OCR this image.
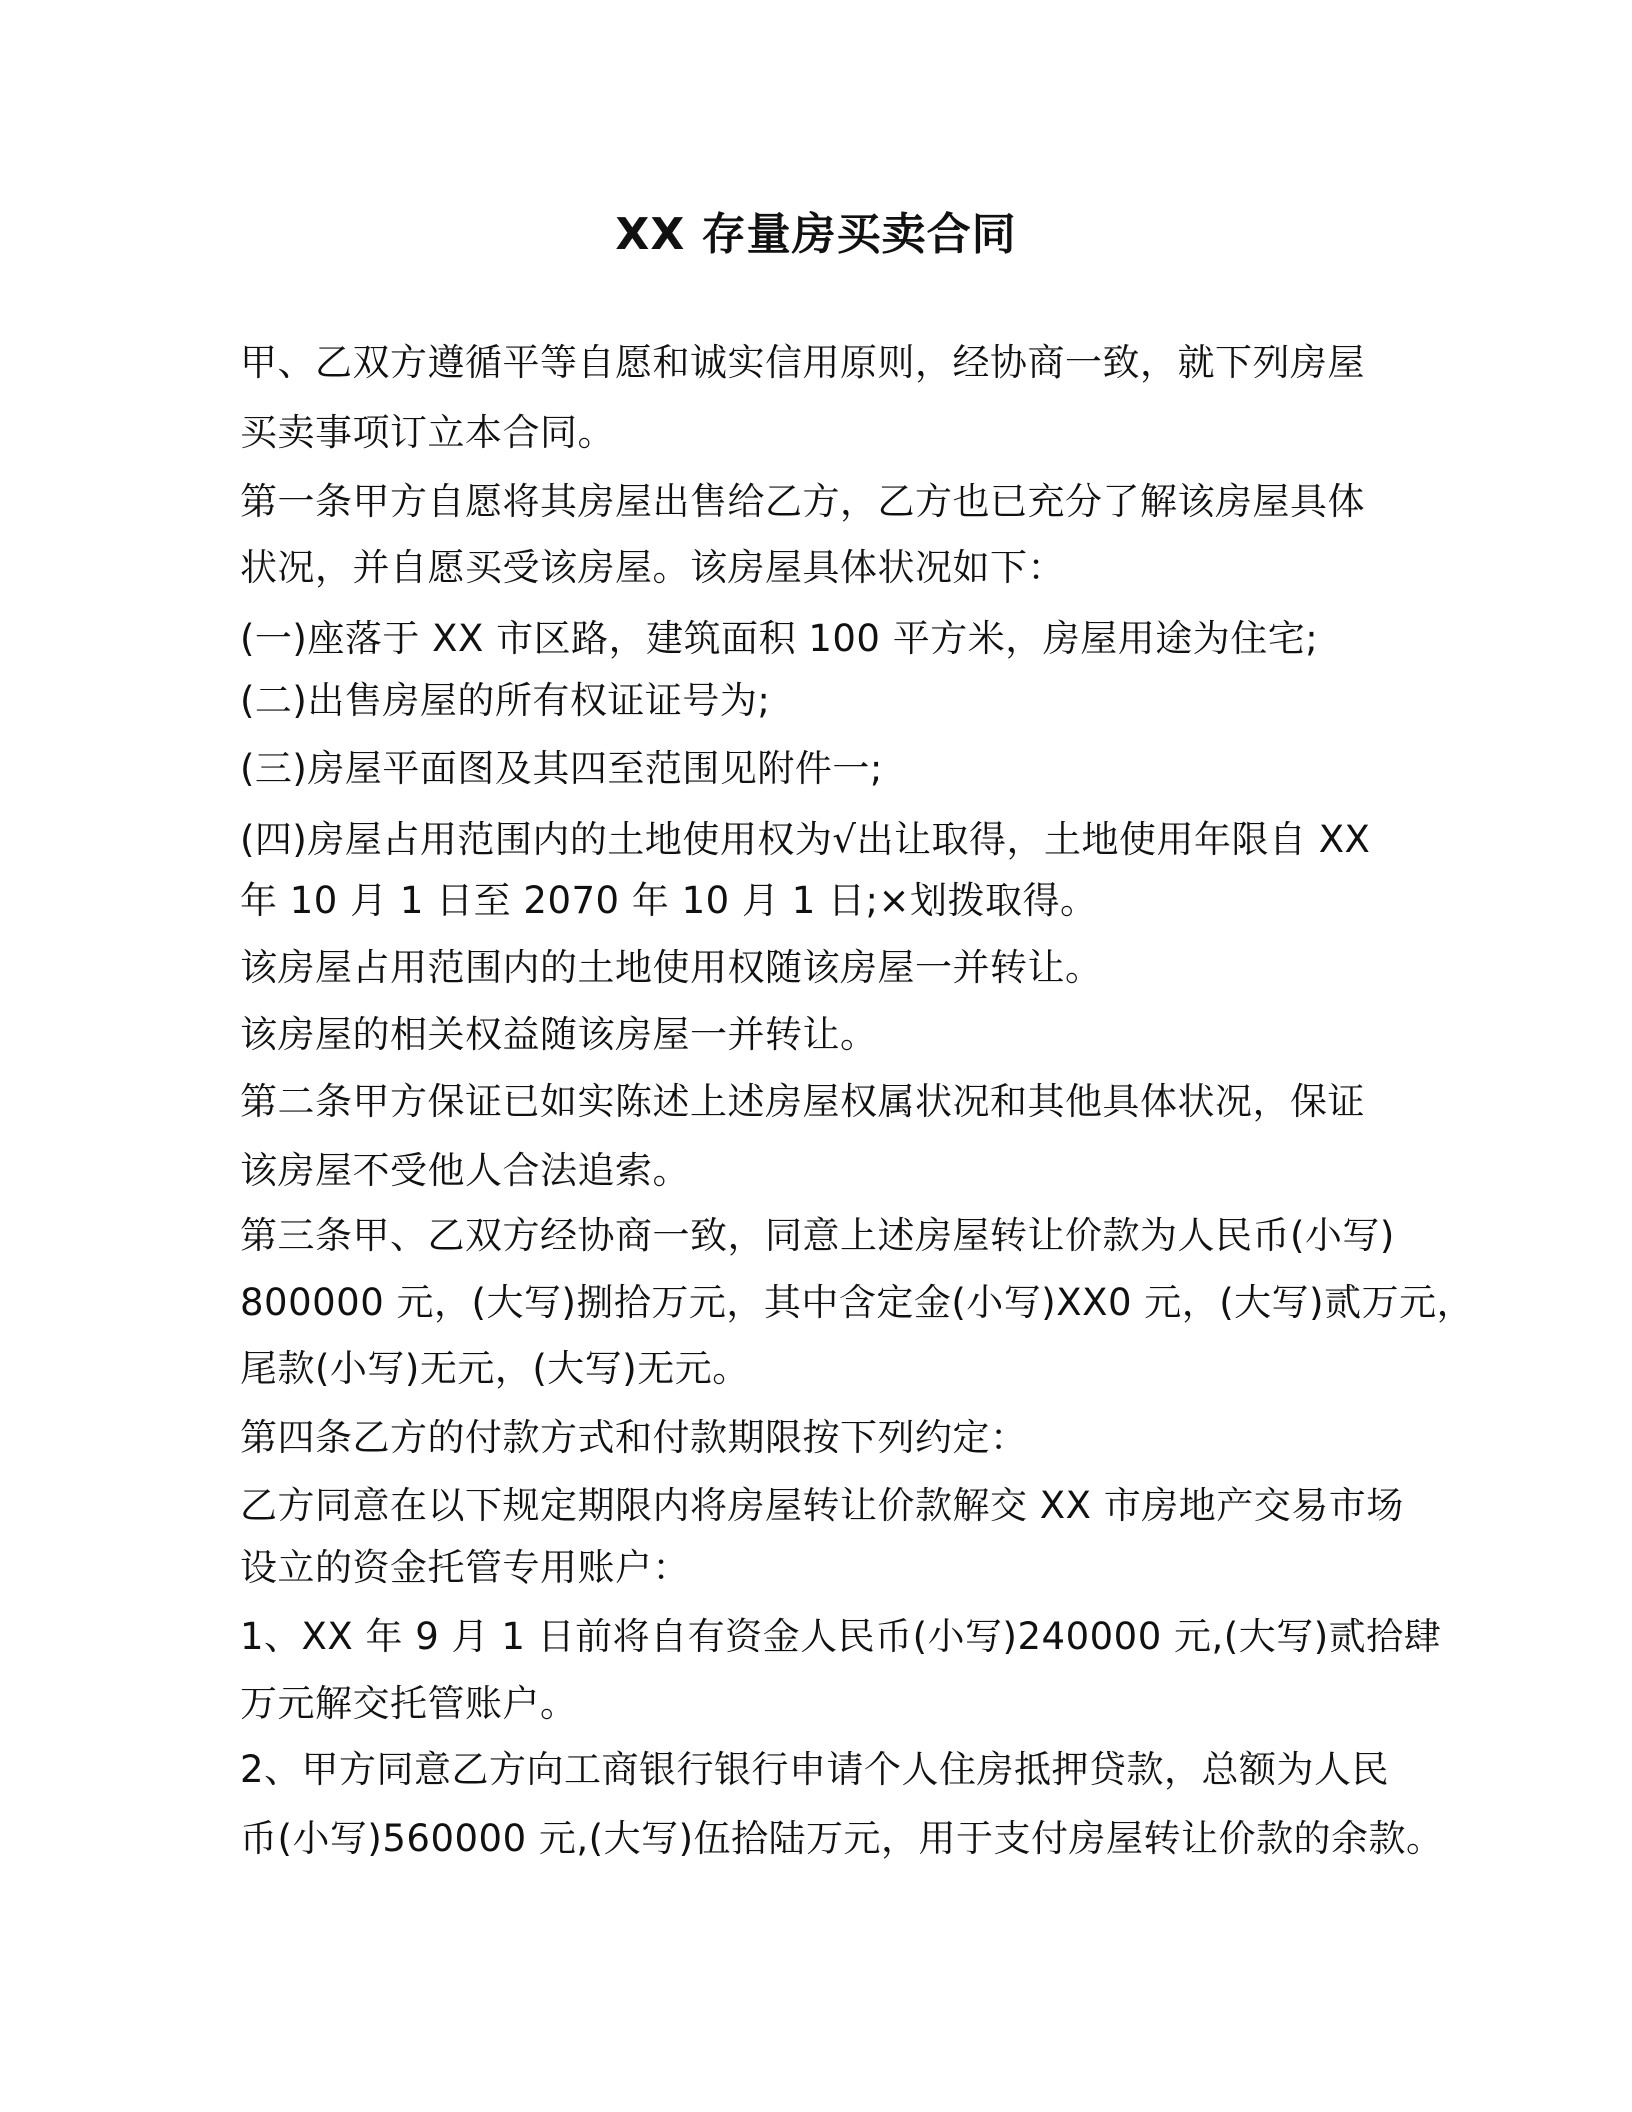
XX 存量房买卖合同
甲、乙双方遵循平等自愿和诚实信用原则，经协商一致，就下列房屋
买卖事项订立本合同。
第一条甲方自愿将其房屋出售给乙方，乙方也已充分了解该房屋具体
状况，并自愿买受该房屋。该房屋具体状况如下：
(一)座落于 XX 市区路，建筑面积 100 平方米，房屋用途为住宅;
(二)出售房屋的所有权证证号为;
(三)房屋平面图及其四至范围见附件一;
(四)房屋占用范围内的土地使用权为√出让取得，土地使用年限自 XX
年 10 月 1 日至 2070 年 10 月 1 日;×划拨取得。
该房屋占用范围内的土地使用权随该房屋一并转让。
该房屋的相关权益随该房屋一并转让。
第二条甲方保证已如实陈述上述房屋权属状况和其他具体状况，保证
该房屋不受他人合法追索。
第三条甲、乙双方经协商一致，同意上述房屋转让价款为人民币(小写)
800000 元，(大写)捌拾万元，其中含定金(小写)XX0 元，(大写)贰万元，
尾款(小写)无元，(大写)无元。
第四条乙方的付款方式和付款期限按下列约定：
乙方同意在以下规定期限内将房屋转让价款解交 XX 市房地产交易市场
设立的资金托管专用账户：
1、XX 年 9 月 1 日前将自有资金人民币(小写)240000 元,(大写)贰拾肆
万元解交托管账户。
2、甲方同意乙方向工商银行银行申请个人住房抵押贷款，总额为人民
币(小写)560000 元,(大写)伍拾陆万元，用于支付房屋转让价款的余款。
